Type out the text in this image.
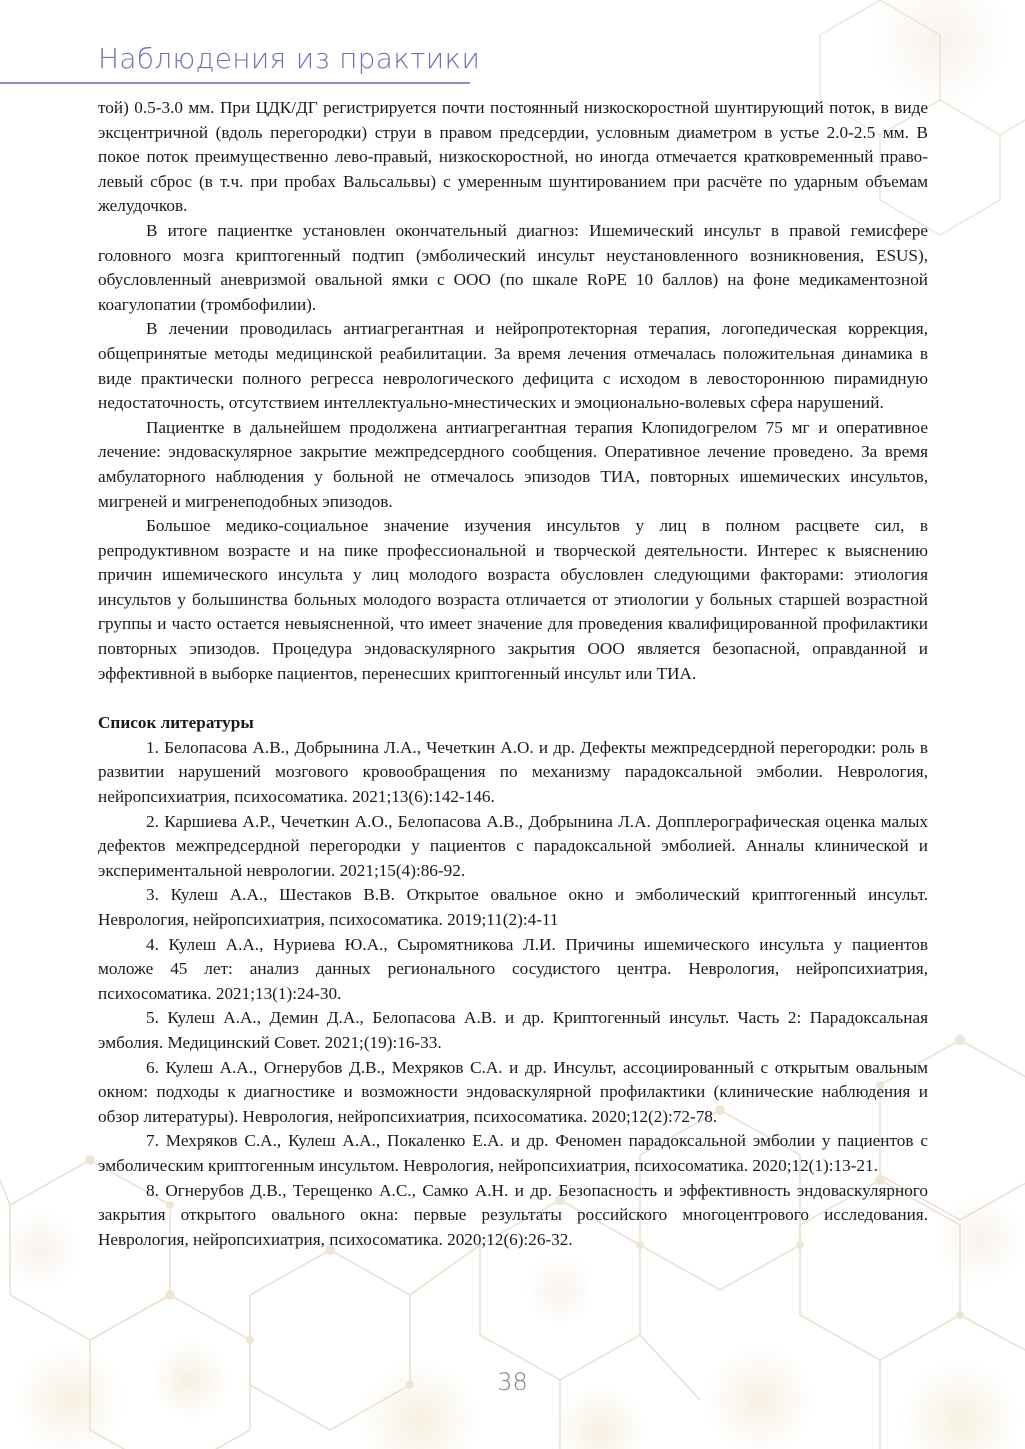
Наблюдения из практики

той) 0.5-3.0 мм. При ЦДК/ДГ регистрируется почти постоянный низкоскоростной шунтирующий поток, в виде эксцентричной (вдоль перегородки) струи в правом предсердии, условным диаметром в устье 2.0-2.5 мм. В покое поток преимущественно лево-правый, низкоскоростной, но иногда отмечается кратковременный право-левый сброс (в т.ч. при пробах Вальсальвы) с умеренным шунтированием при расчёте по ударным объемам желудочков.

В итоге пациентке установлен окончательный диагноз: Ишемический инсульт в правой гемисфере головного мозга криптогенный подтип (эмболический инсульт неустановленного возникновения, ESUS), обусловленный аневризмой овальной ямки с ООО (по шкале RoPE 10 баллов) на фоне медикаментозной коагулопатии (тромбофилии).

В лечении проводилась антиагрегантная и нейропротекторная терапия, логопедическая коррекция, общепринятые методы медицинской реабилитации. За время лечения отмечалась положительная динамика в виде практически полного регресса неврологического дефицита с исходом в левостороннюю пирамидную недостаточность, отсутствием интеллектуально-мнестических и эмоционально-волевых сфера нарушений.

Пациентке в дальнейшем продолжена антиагрегантная терапия Клопидогрелом 75 мг и оперативное лечение: эндоваскулярное закрытие межпредсердного сообщения. Оперативное лечение проведено. За время амбулаторного наблюдения у больной не отмечалось эпизодов ТИА, повторных ишемических инсультов, мигреней и мигренеподобных эпизодов.

Большое медико-социальное значение изучения инсультов у лиц в полном расцвете сил, в репродуктивном возрасте и на пике профессиональной и творческой деятельности. Интерес к выяснению причин ишемического инсульта у лиц молодого возраста обусловлен следующими факторами: этиология инсультов у большинства больных молодого возраста отличается от этиологии у больных старшей возрастной группы и часто остается невыясненной, что имеет значение для проведения квалифицированной профилактики повторных эпизодов. Процедура эндоваскулярного закрытия ООО является безопасной, оправданной и эффективной в выборке пациентов, перенесших криптогенный инсульт или ТИА.

Список литературы

1. Белопасова А.В., Добрынина Л.А., Чечеткин А.О. и др. Дефекты межпредсердной перегородки: роль в развитии нарушений мозгового кровообращения по механизму парадоксальной эмболии. Неврология, нейропсихиатрия, психосоматика. 2021;13(6):142-146.

2. Каршиева А.Р., Чечеткин А.О., Белопасова А.В., Добрынина Л.А. Допплерографическая оценка малых дефектов межпредсердной перегородки у пациентов с парадоксальной эмболией. Анналы клинической и экспериментальной неврологии. 2021;15(4):86-92.

3. Кулеш А.А., Шестаков В.В. Открытое овальное окно и эмболический криптогенный инсульт. Неврология, нейропсихиатрия, психосоматика. 2019;11(2):4-11

4. Кулеш А.А., Нуриева Ю.А., Сыромятникова Л.И. Причины ишемического инсульта у пациентов моложе 45 лет: анализ данных регионального сосудистого центра. Неврология, нейропсихиатрия, психосоматика. 2021;13(1):24-30.

5. Кулеш А.А., Демин Д.А., Белопасова А.В. и др. Криптогенный инсульт. Часть 2: Парадоксальная эмболия. Медицинский Совет. 2021;(19):16-33.

6. Кулеш А.А., Огнерубов Д.В., Мехряков С.А. и др. Инсульт, ассоциированный с открытым овальным окном: подходы к диагностике и возможности эндоваскулярной профилактики (клинические наблюдения и обзор литературы). Неврология, нейропсихиатрия, психосоматика. 2020;12(2):72-78.

7. Мехряков С.А., Кулеш А.А., Покаленко Е.А. и др. Феномен парадоксальной эмболии у пациентов с эмболическим криптогенным инсультом. Неврология, нейропсихиатрия, психосоматика. 2020;12(1):13-21.

8. Огнерубов Д.В., Терещенко А.С., Самко А.Н. и др. Безопасность и эффективность эндоваскулярного закрытия открытого овального окна: первые результаты российского многоцентрового исследования. Неврология, нейропсихиатрия, психосоматика. 2020;12(6):26-32.

38
